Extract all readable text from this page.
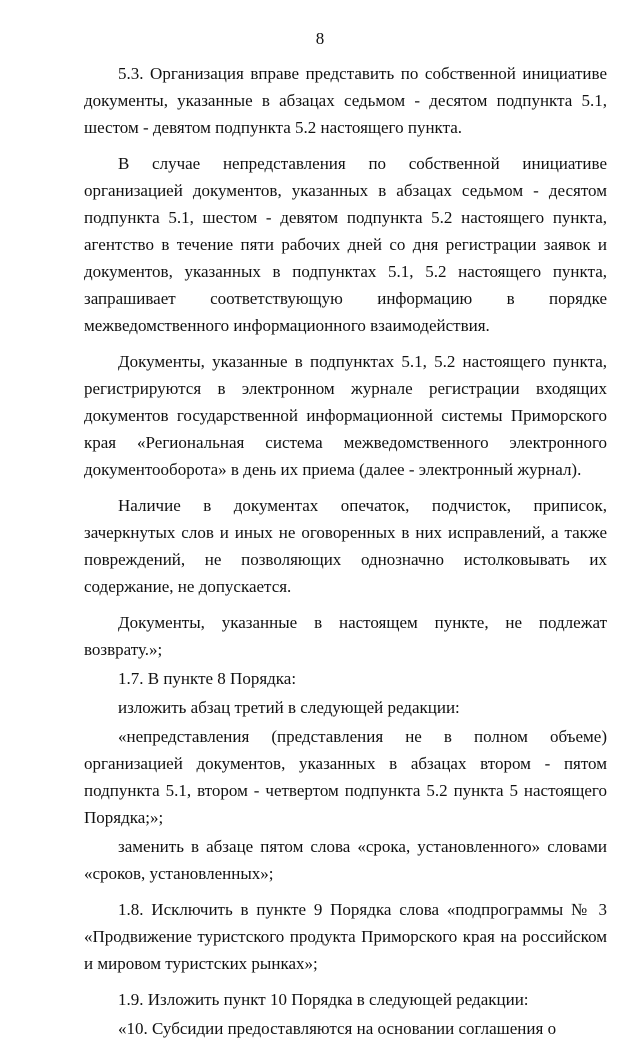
8

5.3. Организация вправе представить по собственной инициативе документы, указанные в абзацах седьмом - десятом подпункта 5.1, шестом - девятом подпункта 5.2 настоящего пункта.

В случае непредставления по собственной инициативе организацией документов, указанных в абзацах седьмом - десятом подпункта 5.1, шестом - девятом подпункта 5.2 настоящего пункта, агентство в течение пяти рабочих дней со дня регистрации заявок и документов, указанных в подпунктах 5.1, 5.2 настоящего пункта, запрашивает соответствующую информацию в порядке межведомственного информационного взаимодействия.

Документы, указанные в подпунктах 5.1, 5.2 настоящего пункта, регистрируются в электронном журнале регистрации входящих документов государственной информационной системы Приморского края «Региональная система межведомственного электронного документооборота» в день их приема (далее - электронный журнал).

Наличие в документах опечаток, подчисток, приписок, зачеркнутых слов и иных не оговоренных в них исправлений, а также повреждений, не позволяющих однозначно истолковывать их содержание, не допускается.

Документы, указанные в настоящем пункте, не подлежат возврату.»;

1.7. В пункте 8 Порядка:

изложить абзац третий в следующей редакции:

«непредставления (представления не в полном объеме) организацией документов, указанных в абзацах втором - пятом подпункта 5.1, втором - четвертом подпункта 5.2 пункта 5 настоящего Порядка;»;

заменить в абзаце пятом слова «срока, установленного» словами «сроков, установленных»;

1.8. Исключить в пункте 9 Порядка слова «подпрограммы № 3 «Продвижение туристского продукта Приморского края на российском и мировом туристских рынках»;

1.9. Изложить пункт 10 Порядка в следующей редакции:

«10. Субсидии предоставляются на основании соглашения о
